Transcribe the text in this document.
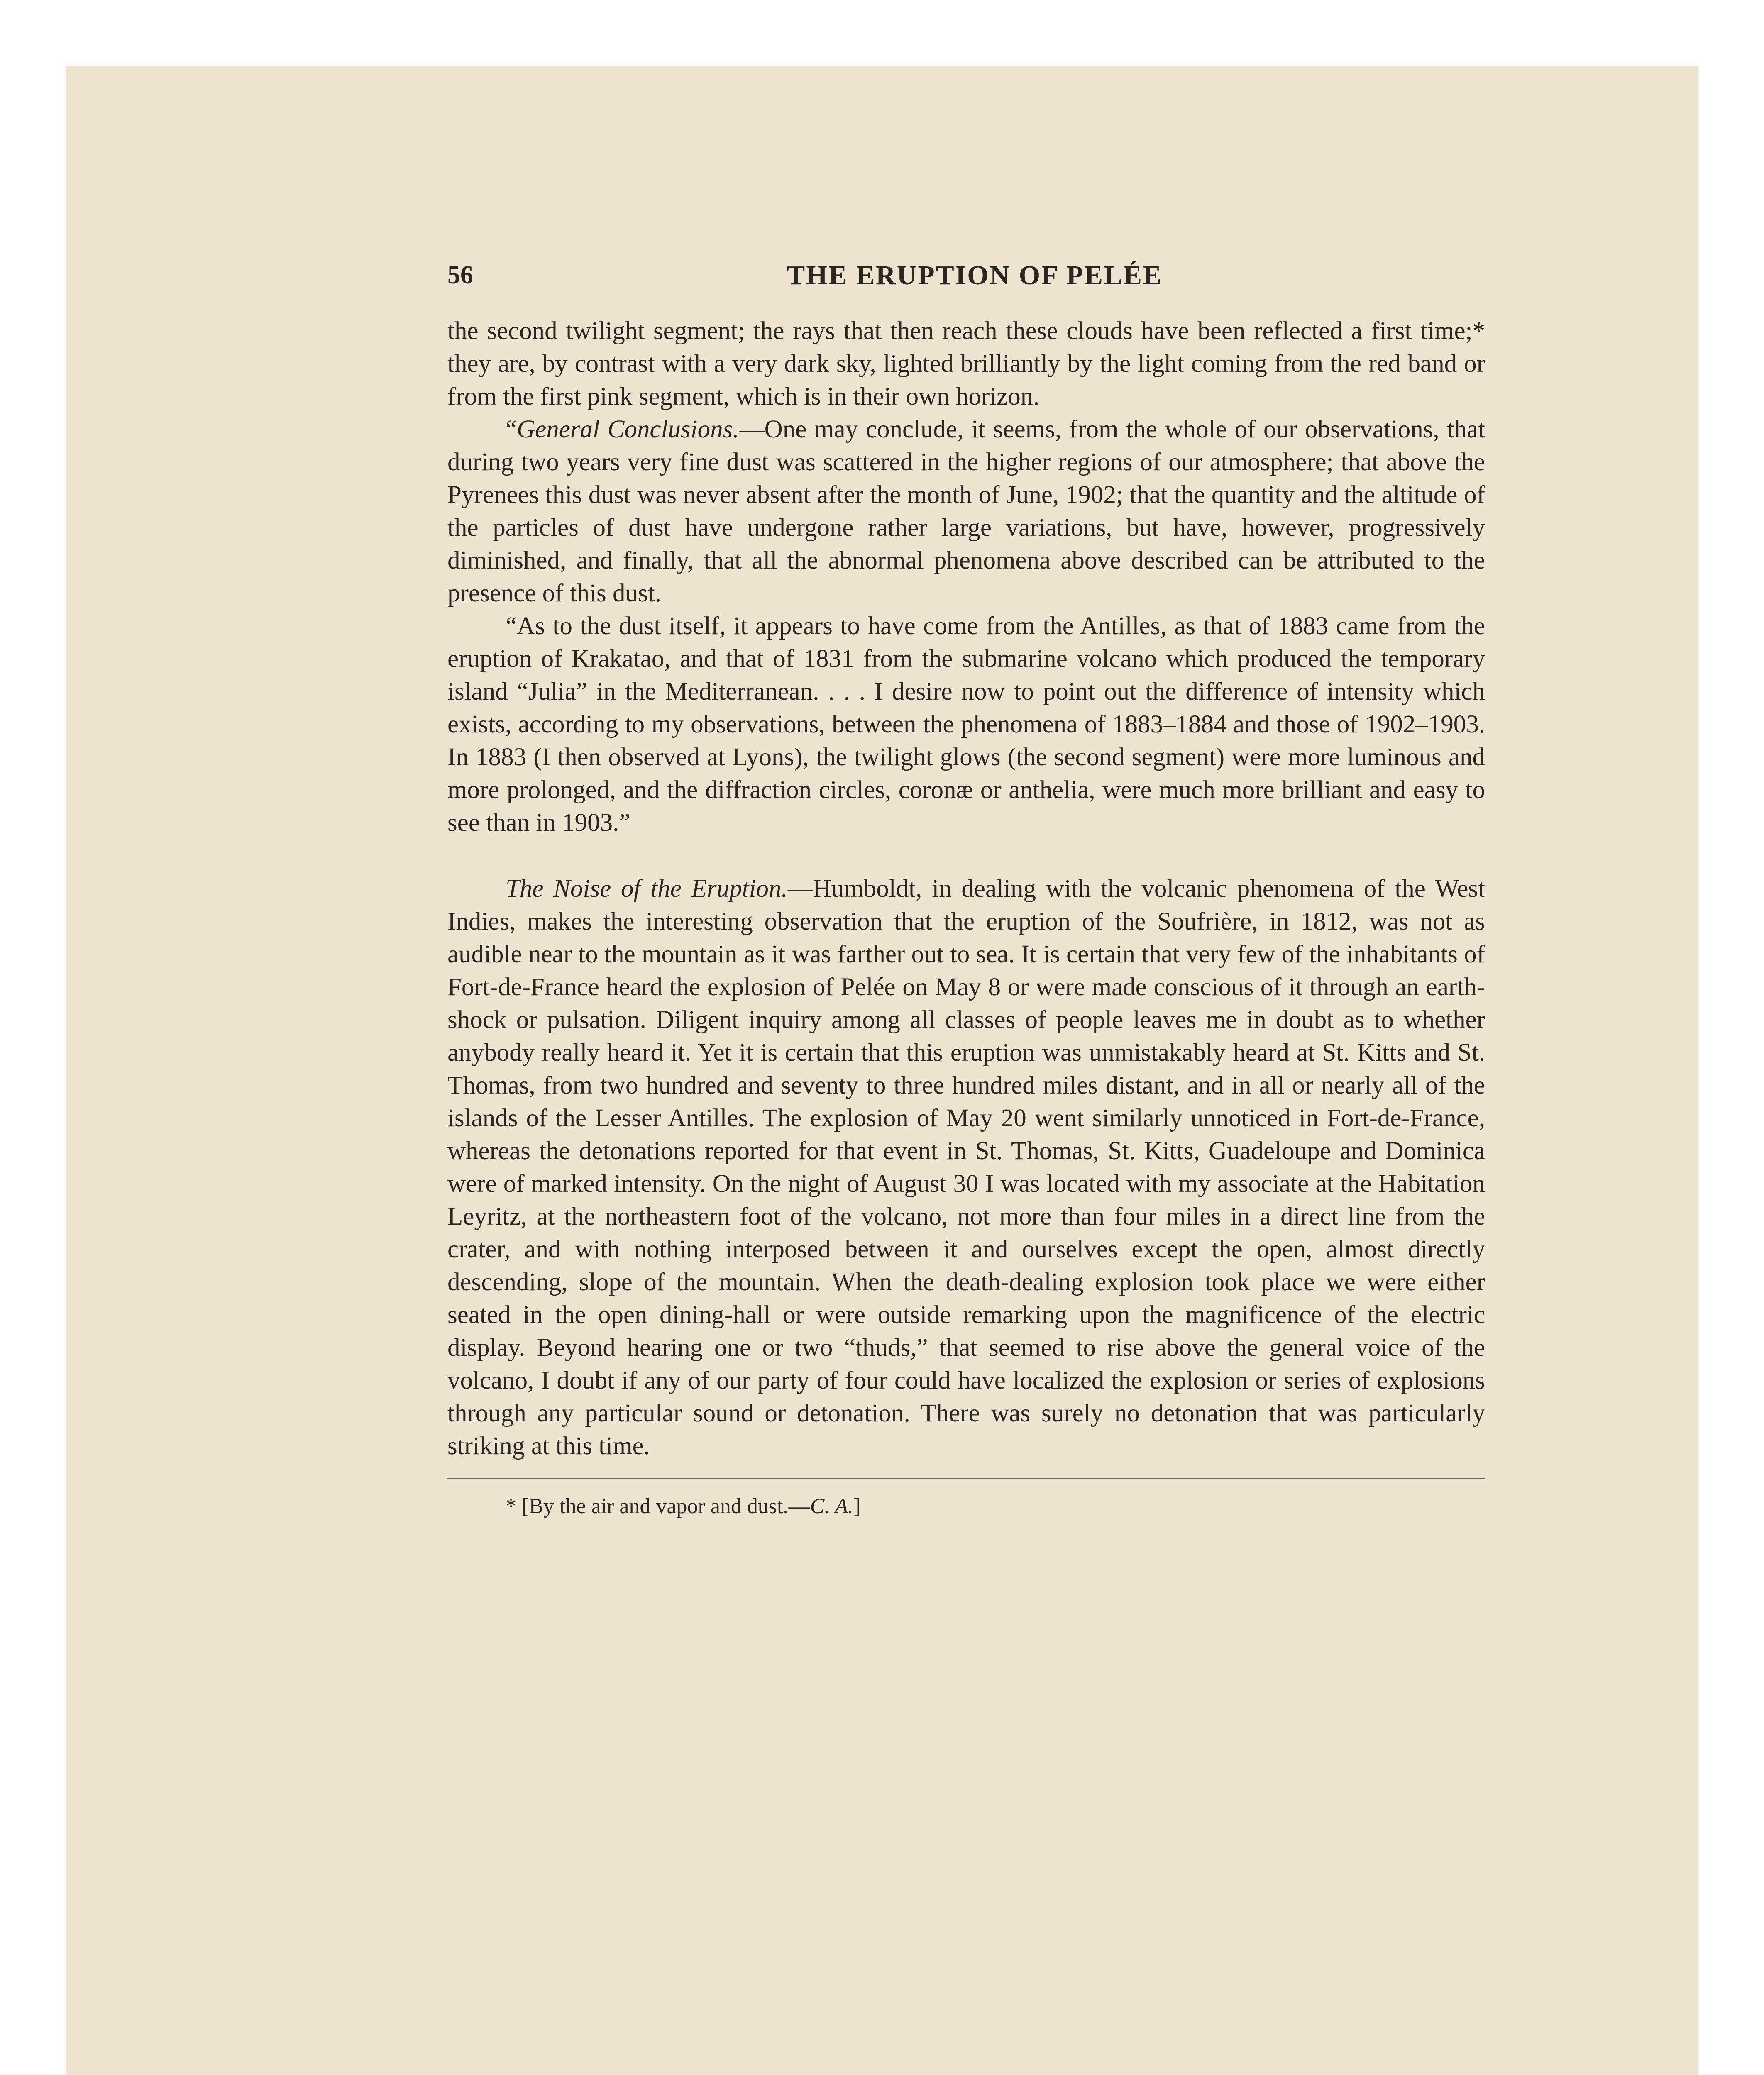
56	THE ERUPTION OF PELÉE

the second twilight segment; the rays that then reach these clouds have been reflected a first time;* they are, by contrast with a very dark sky, lighted brilliantly by the light coming from the red band or from the first pink segment, which is in their own horizon.

“General Conclusions.—One may conclude, it seems, from the whole of our observations, that during two years very fine dust was scattered in the higher regions of our atmosphere; that above the Pyrenees this dust was never absent after the month of June, 1902; that the quantity and the altitude of the particles of dust have undergone rather large variations, but have, however, progressively diminished, and finally, that all the abnormal phenomena above described can be attributed to the presence of this dust.

“As to the dust itself, it appears to have come from the Antilles, as that of 1883 came from the eruption of Krakatao, and that of 1831 from the submarine volcano which produced the temporary island “Julia” in the Mediterranean. . . . I desire now to point out the difference of intensity which exists, according to my observations, between the phenomena of 1883–1884 and those of 1902–1903. In 1883 (I then observed at Lyons), the twilight glows (the second segment) were more luminous and more prolonged, and the diffraction circles, coronæ or anthelia, were much more brilliant and easy to see than in 1903.”

The Noise of the Eruption.—Humboldt, in dealing with the volcanic phenomena of the West Indies, makes the interesting observation that the eruption of the Soufrière, in 1812, was not as audible near to the mountain as it was farther out to sea. It is certain that very few of the inhabitants of Fort-de-France heard the explosion of Pelée on May 8 or were made conscious of it through an earth-shock or pulsation. Diligent inquiry among all classes of people leaves me in doubt as to whether anybody really heard it. Yet it is certain that this eruption was unmistakably heard at St. Kitts and St. Thomas, from two hundred and seventy to three hundred miles distant, and in all or nearly all of the islands of the Lesser Antilles. The explosion of May 20 went similarly unnoticed in Fort-de-France, whereas the detonations reported for that event in St. Thomas, St. Kitts, Guadeloupe and Dominica were of marked intensity. On the night of August 30 I was located with my associate at the Habitation Leyritz, at the northeastern foot of the volcano, not more than four miles in a direct line from the crater, and with nothing interposed between it and ourselves except the open, almost directly descending, slope of the mountain. When the death-dealing explosion took place we were either seated in the open dining-hall or were outside remarking upon the magnificence of the electric display. Beyond hearing one or two “thuds,” that seemed to rise above the general voice of the volcano, I doubt if any of our party of four could have localized the explosion or series of explosions through any particular sound or detonation. There was surely no detonation that was particularly striking at this time.

* [By the air and vapor and dust.—C. A.]
